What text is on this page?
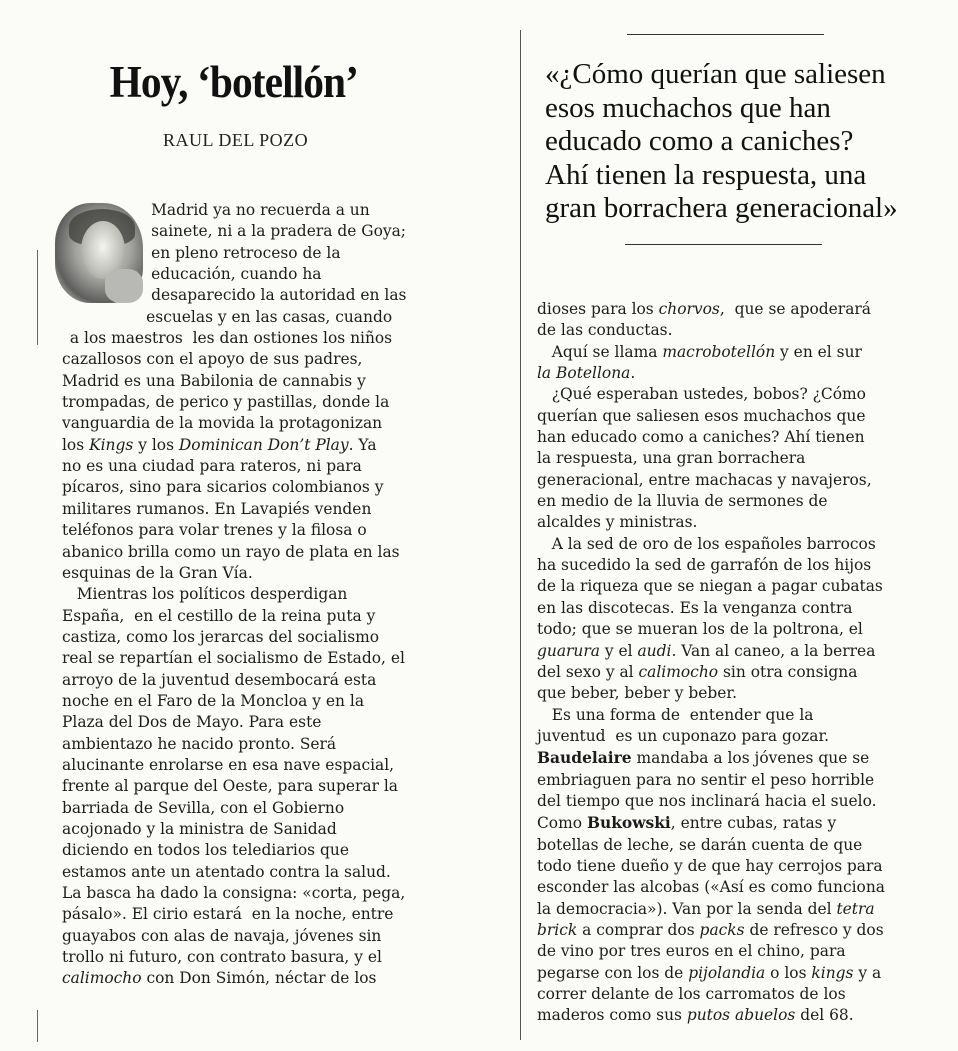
Hoy, ‘botellón’
RAUL DEL POZO
«¿Cómo querían que saliesen
esos muchachos que han
educado como a caniches?
Ahí tienen la respuesta, una
gran borrachera generacional»
Madrid ya no recuerda a un
sainete, ni a la pradera de Goya;
en pleno retroceso de la
educación, cuando ha
desaparecido la autoridad en las
escuelas y en las casas, cuando
a los maestros  les dan ostiones los niños
cazallosos con el apoyo de sus padres,
Madrid es una Babilonia de cannabis y
trompadas, de perico y pastillas, donde la
vanguardia de la movida la protagonizan
los Kings y los Dominican Don’t Play. Ya
no es una ciudad para rateros, ni para
pícaros, sino para sicarios colombianos y
militares rumanos. En Lavapiés venden
teléfonos para volar trenes y la filosa o
abanico brilla como un rayo de plata en las
esquinas de la Gran Vía.
Mientras los políticos desperdigan
España,  en el cestillo de la reina puta y
castiza, como los jerarcas del socialismo
real se repartían el socialismo de Estado, el
arroyo de la juventud desembocará esta
noche en el Faro de la Moncloa y en la
Plaza del Dos de Mayo. Para este
ambientazo he nacido pronto. Será
alucinante enrolarse en esa nave espacial,
frente al parque del Oeste, para superar la
barriada de Sevilla, con el Gobierno
acojonado y la ministra de Sanidad
diciendo en todos los telediarios que
estamos ante un atentado contra la salud.
La basca ha dado la consigna: «corta, pega,
pásalo». El cirio estará  en la noche, entre
guayabos con alas de navaja, jóvenes sin
trollo ni futuro, con contrato basura, y el
calimocho con Don Simón, néctar de los
dioses para los chorvos,  que se apoderará
de las conductas.
Aquí se llama macrobotellón y en el sur
la Botellona.
¿Qué esperaban ustedes, bobos? ¿Cómo
querían que saliesen esos muchachos que
han educado como a caniches? Ahí tienen
la respuesta, una gran borrachera
generacional, entre machacas y navajeros,
en medio de la lluvia de sermones de
alcaldes y ministras.
A la sed de oro de los españoles barrocos
ha sucedido la sed de garrafón de los hijos
de la riqueza que se niegan a pagar cubatas
en las discotecas. Es la venganza contra
todo; que se mueran los de la poltrona, el
guarura y el audi. Van al caneo, a la berrea
del sexo y al calimocho sin otra consigna
que beber, beber y beber.
Es una forma de  entender que la
juventud  es un cuponazo para gozar.
Baudelaire mandaba a los jóvenes que se
embriaguen para no sentir el peso horrible
del tiempo que nos inclinará hacia el suelo.
Como Bukowski, entre cubas, ratas y
botellas de leche, se darán cuenta de que
todo tiene dueño y de que hay cerrojos para
esconder las alcobas («Así es como funciona
la democracia»). Van por la senda del tetra
brick a comprar dos packs de refresco y dos
de vino por tres euros en el chino, para
pegarse con los de pijolandia o los kings y a
correr delante de los carromatos de los
maderos como sus putos abuelos del 68.
